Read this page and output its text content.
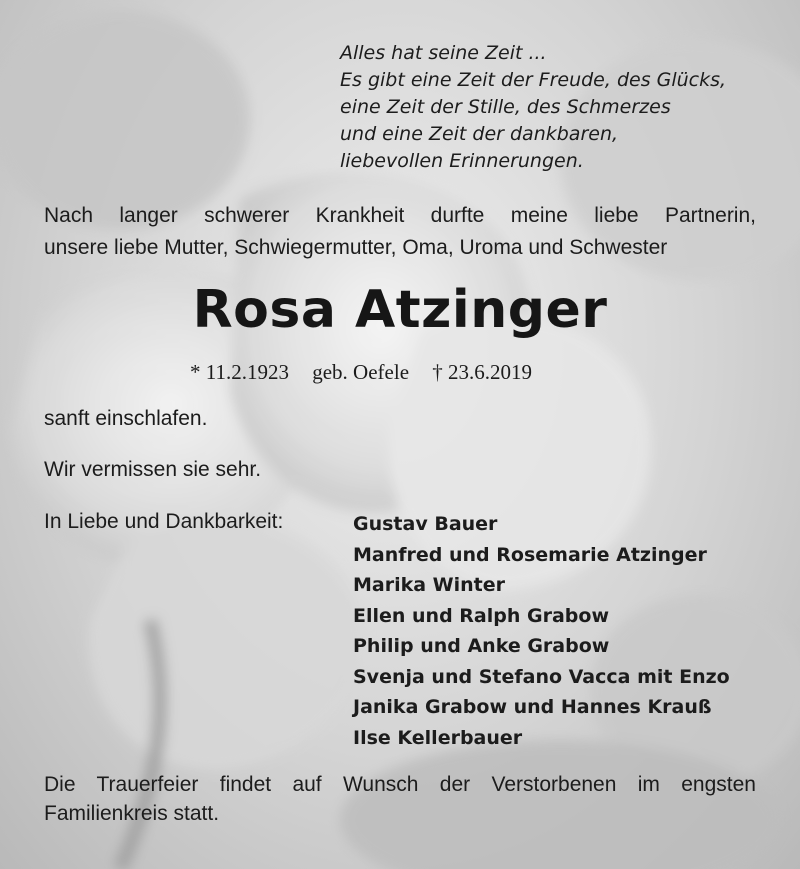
Alles hat seine Zeit ...
Es gibt eine Zeit der Freude, des Glücks,
eine Zeit der Stille, des Schmerzes
und eine Zeit der dankbaren,
liebevollen Erinnerungen.
Nach langer schwerer Krankheit durfte meine liebe Partnerin,
unsere liebe Mutter, Schwiegermutter, Oma, Uroma und Schwester
Rosa Atzinger
* 11.2.1923 geb. Oefele † 23.6.2019

sanft einschlafen.

Wir vermissen sie sehr.

In Liebe und Dankbarkeit:	Gustav Bauer
Manfred und Rosemarie Atzinger
Marika Winter
Ellen und Ralph Grabow
Philip und Anke Grabow
Svenja und Stefano Vacca mit Enzo
Janika Grabow und Hannes Krauß
Ilse Kellerbauer
Die Trauerfeier findet auf Wunsch der Verstorbenen im engsten
Familienkreis statt.
